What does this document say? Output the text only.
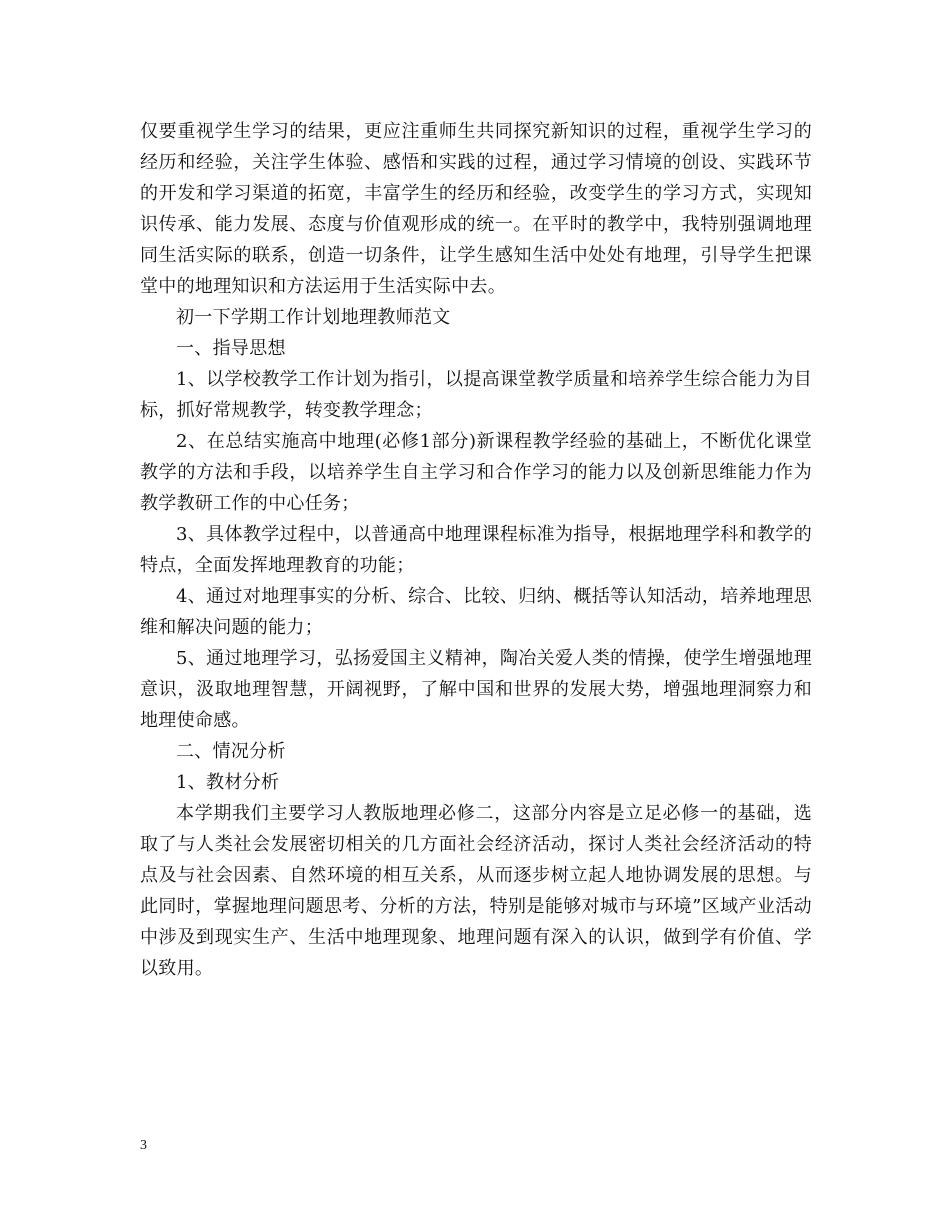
仅要重视学生学习的结果，更应注重师生共同探究新知识的过程，重视学生学习的经历和经验，关注学生体验、感悟和实践的过程，通过学习情境的创设、实践环节的开发和学习渠道的拓宽，丰富学生的经历和经验，改变学生的学习方式，实现知识传承、能力发展、态度与价值观形成的统一。在平时的教学中，我特别强调地理同生活实际的联系，创造一切条件，让学生感知生活中处处有地理，引导学生把课堂中的地理知识和方法运用于生活实际中去。

初一下学期工作计划地理教师范文

一、指导思想

1、以学校教学工作计划为指引，以提高课堂教学质量和培养学生综合能力为目标，抓好常规教学，转变教学理念；

2、在总结实施高中地理(必修1部分)新课程教学经验的基础上，不断优化课堂教学的方法和手段，以培养学生自主学习和合作学习的能力以及创新思维能力作为教学教研工作的中心任务；

3、具体教学过程中，以普通高中地理课程标准为指导，根据地理学科和教学的特点，全面发挥地理教育的功能；

4、通过对地理事实的分析、综合、比较、归纳、概括等认知活动，培养地理思维和解决问题的能力；

5、通过地理学习，弘扬爱国主义精神，陶冶关爱人类的情操，使学生增强地理意识，汲取地理智慧，开阔视野，了解中国和世界的发展大势，增强地理洞察力和地理使命感。

二、情况分析

1、教材分析

本学期我们主要学习人教版地理必修二，这部分内容是立足必修一的基础，选取了与人类社会发展密切相关的几方面社会经济活动，探讨人类社会经济活动的特点及与社会因素、自然环境的相互关系，从而逐步树立起人地协调发展的思想。与此同时，掌握地理问题思考、分析的方法，特别是能够对城市与环境”区域产业活动中涉及到现实生产、生活中地理现象、地理问题有深入的认识，做到学有价值、学以致用。

3
